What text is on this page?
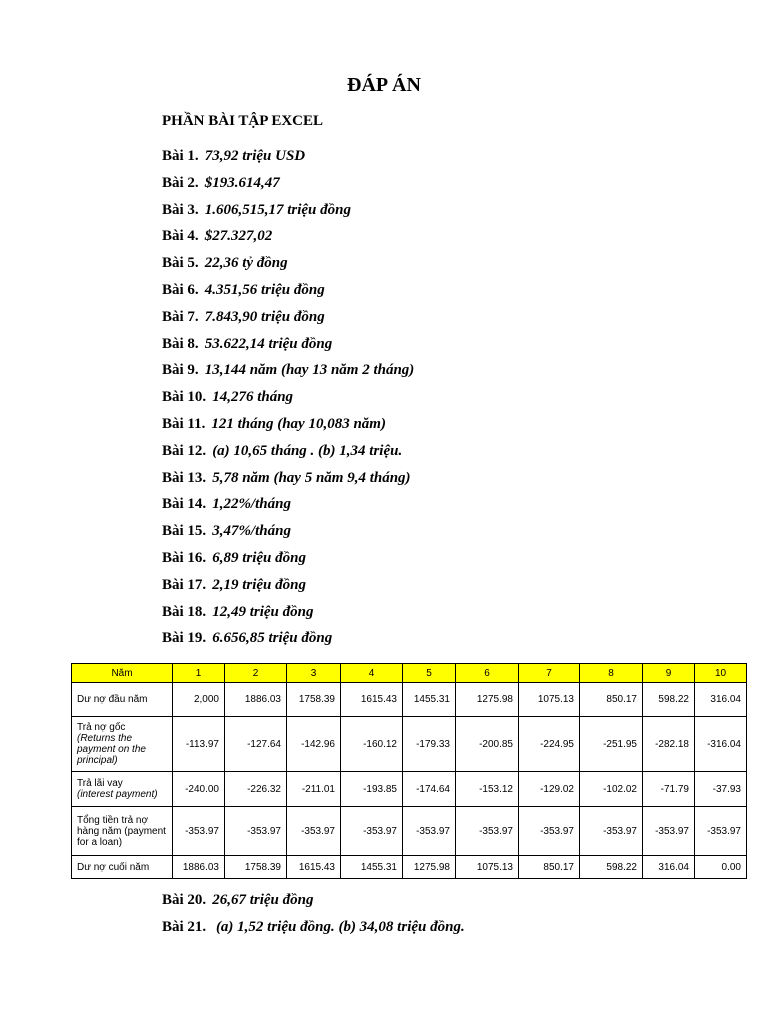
ĐÁP ÁN
PHẦN BÀI TẬP EXCEL
Bài 1. 73,92 triệu USD
Bài 2. $193.614,47
Bài 3. 1.606,515,17 triệu đồng
Bài 4. $27.327,02
Bài 5. 22,36 tỷ đồng
Bài 6. 4.351,56 triệu đồng
Bài 7. 7.843,90 triệu đồng
Bài 8. 53.622,14 triệu đồng
Bài 9. 13,144 năm (hay 13 năm 2 tháng)
Bài 10. 14,276 tháng
Bài 11. 121 tháng (hay 10,083 năm)
Bài 12. (a) 10,65 tháng . (b) 1,34 triệu.
Bài 13. 5,78 năm (hay 5 năm 9,4 tháng)
Bài 14. 1,22%/tháng
Bài 15. 3,47%/tháng
Bài 16. 6,89 triệu đồng
Bài 17. 2,19 triệu đồng
Bài 18. 12,49 triệu đồng
Bài 19. 6.656,85 triệu đồng
Năm	1	2	3	4	5	6	7	8	9	10
Dư nợ đầu năm	2,000	1886.03	1758.39	1615.43	1455.31	1275.98	1075.13	850.17	598.22	316.04
Trả nợ gốc
(Returns the payment on the principal)	-113.97	-127.64	-142.96	-160.12	-179.33	-200.85	-224.95	-251.95	-282.18	-316.04
Trả lãi vay
(interest payment)	-240.00	-226.32	-211.01	-193.85	-174.64	-153.12	-129.02	-102.02	-71.79	-37.93
Tổng tiền trả nợ hàng năm (payment for a loan)	-353.97	-353.97	-353.97	-353.97	-353.97	-353.97	-353.97	-353.97	-353.97	-353.97
Dư nợ cuối năm	1886.03	1758.39	1615.43	1455.31	1275.98	1075.13	850.17	598.22	316.04	0.00
Bài 20. 26,67 triệu đồng
Bài 21. (a) 1,52 triệu đồng. (b) 34,08 triệu đồng.
